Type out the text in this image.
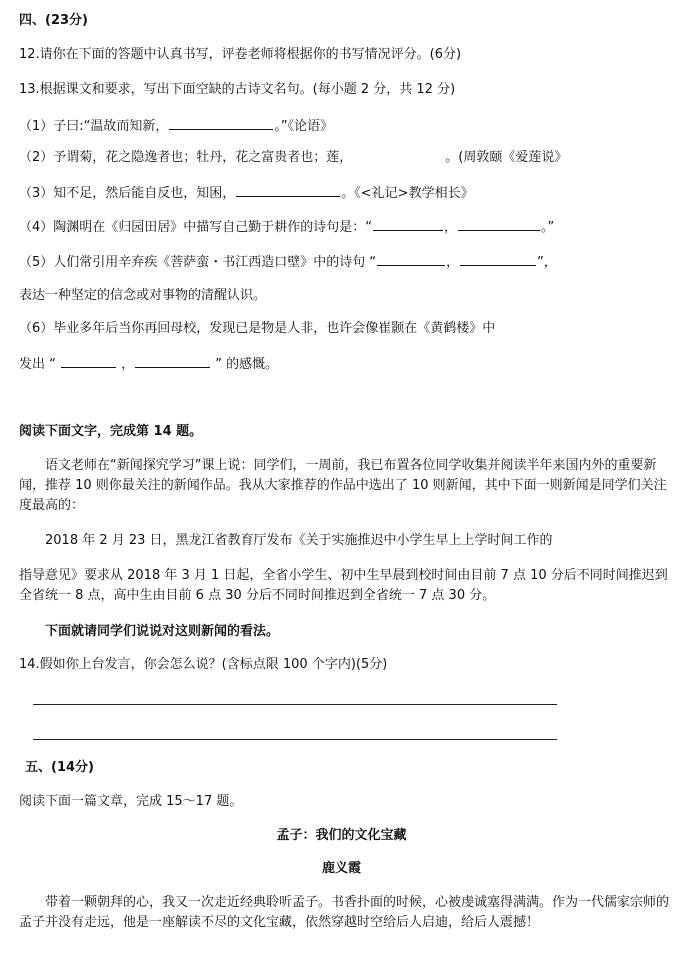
四、(23分)
12.请你在下面的答题中认真书写，评卷老师将根据你的书写情况评分。(6分)
13.根据课文和要求，写出下面空缺的古诗文名句。(每小题 2 分，共 12 分)
（1）子曰:“温故而知新，	。”《论语》
（2）予谓菊，花之隐逸者也；牡丹，花之富贵者也；莲，	。(周敦颐《爱莲说》
（3）知不足，然后能自反也，知困，	。《<礼记>教学相长》
（4）陶渊明在《归园田居》中描写自己勤于耕作的诗句是：“	，	。”
（5）人们常引用辛弃疾《菩萨蛮・书江西造口壁》中的诗句 “	，	”，
表达一种坚定的信念或对事物的清醒认识。
（6）毕业多年后当你再回母校，发现已是物是人非，也许会像崔颢在《黄鹤楼》中
发出 “	，	” 的感慨。
阅读下面文字，完成第 14 题。
语文老师在“新闻探究学习”课上说：同学们，一周前，我已布置各位同学收集并阅读半年来国内外的重要新闻，推荐 10 则你最关注的新闻作品。我从大家推荐的作品中选出了 10 则新闻，其中下面一则新闻是同学们关注度最高的：
2018 年 2 月 23 日，黑龙江省教育厅发布《关于实施推迟中小学生早上上学时间工作的
指导意见》要求从 2018 年 3 月 1 日起，全省小学生、初中生早晨到校时间由目前 7 点 10 分后不同时间推迟到全省统一 8 点，高中生由目前 6 点 30 分后不同时间推迟到全省统一 7 点 30 分。
下面就请同学们说说对这则新闻的看法。
14.假如你上台发言，你会怎么说？(含标点限 100 个字内)(5分)
五、(14分)
阅读下面一篇文章，完成 15～17 题。
孟子：我们的文化宝藏
鹿义霞
带着一颗朝拜的心，我又一次走近经典聆听孟子。书香扑面的时候，心被虔诚塞得满满。作为一代儒家宗师的孟子并没有走远，他是一座解读不尽的文化宝藏，依然穿越时空给后人启迪，给后人震撼！
